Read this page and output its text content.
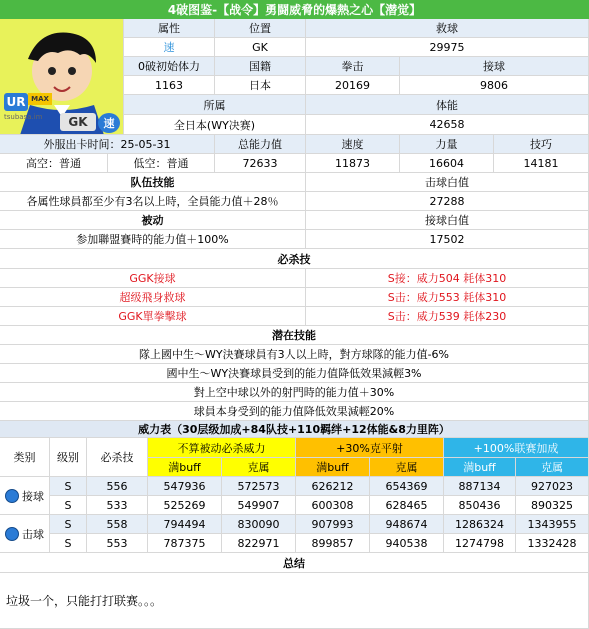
4破图鉴-【战令】勇闘威脅的爆熱之心【潜觉】
UR MAX
tsubasa.im	GK	速
属性	位置	救球
速	GK	29975
0破初始体力	国籍	拳击	接球
1163	日本	20169	9806
所属	体能
全日本(WY决赛)	42658
外服出卡时间：25-05-31	总能力值	速度	力量	技巧
高空：普通	低空：普通	72633	11873	16604	14181
队伍技能	击球白值
各属性球員都至少有3名以上時，全員能力值＋28％	27288
被动	接球白值
参加聯盟賽時的能力值＋100%	17502
必杀技
GGK接球	S接：威力504 耗体310
超级飛身救球	S击：威力553 耗体310
GGK單拳擊球	S击：威力539 耗体230
潜在技能
隊上國中生～WY決賽球員有3人以上時，對方球隊的能力值-6%
國中生～WY決賽球員受到的能力值降低效果減輕3%
對上空中球以外的射門時的能力值＋30%
球員本身受到的能力值降低效果減輕20%
威力表（30层级加成+84队技+110羁绊+12体能&8力里阵）
类别	级别	必杀技
不算被动必杀威力	+30%克平射	+100%联赛加成
满buff	克属	满buff	克属	满buff	克属
接球
S	556	547936	572573	626212	654369	887134	927023
S	533	525269	549907	600308	628465	850436	890325
击球
S	558	794494	830090	907993	948674	1286324	1343955
S	553	787375	822971	899857	940538	1274798	1332428
总结
垃圾一个，只能打打联赛。。。
